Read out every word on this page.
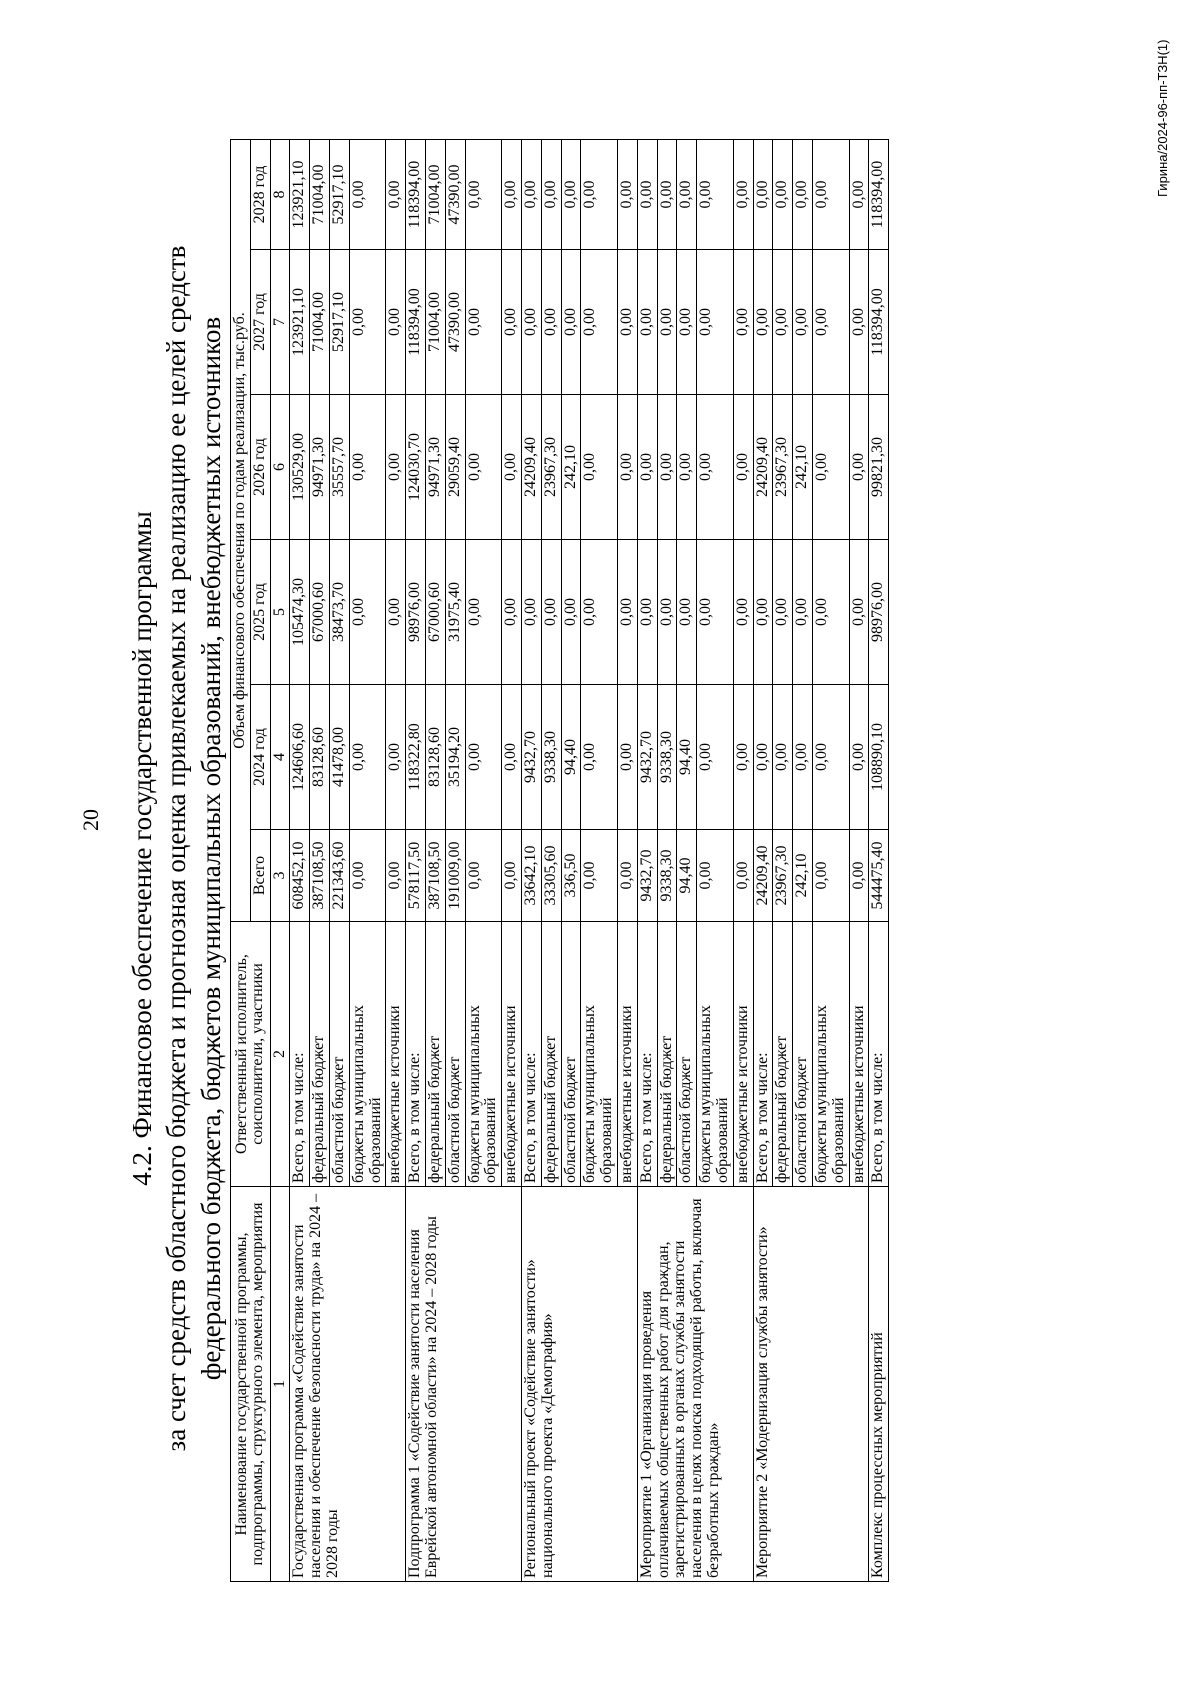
20 4.2. Финансовое обеспечение государственной программы за счет средств областного бюджета и прогнозная оценка привлекаемых на реализацию ее целей средств федерального бюджета, бюджетов муниципальных образований, внебюджетных источников
Наименование государственной программы, подпрограммы, структурного элемента, мероприятия	Ответственный исполнитель, соисполнители, участники	Объем финансового обеспечения по годам реализации, тыс.руб.					
		Всего	2024 год	2025 год	2026 год	2027 год	2028 год
1	2	3	4	5	6	7	8
Государственная программа «Содействие занятости населения и обеспечение безопасности труда» на 2024 – 2028 годы	Всего, в том числе:	608452,10	124606,60	105474,30	130529,00	123921,10	123921,10
	федеральный бюджет	387108,50	83128,60	67000,60	94971,30	71004,00	71004,00
	областной бюджет	221343,60	41478,00	38473,70	35557,70	52917,10	52917,10
	бюджеты муниципальных образований	0,00	0,00	0,00	0,00	0,00	0,00
	внебюджетные источники	0,00	0,00	0,00	0,00	0,00	0,00
Подпрограмма 1 «Содействие занятости населения Еврейской автономной области» на 2024 – 2028 годы	Всего, в том числе:	578117,50	118322,80	98976,00	124030,70	118394,00	118394,00
	федеральный бюджет	387108,50	83128,60	67000,60	94971,30	71004,00	71004,00
	областной бюджет	191009,00	35194,20	31975,40	29059,40	47390,00	47390,00
	бюджеты муниципальных образований	0,00	0,00	0,00	0,00	0,00	0,00
	внебюджетные источники	0,00	0,00	0,00	0,00	0,00	0,00
Региональный проект «Содействие занятости» национального проекта «Демография»	Всего, в том числе:	33642,10	9432,70	0,00	24209,40	0,00	0,00
	федеральный бюджет	33305,60	9338,30	0,00	23967,30	0,00	0,00
	областной бюджет	336,50	94,40	0,00	242,10	0,00	0,00
	бюджеты муниципальных образований	0,00	0,00	0,00	0,00	0,00	0,00
	внебюджетные источники	0,00	0,00	0,00	0,00	0,00	0,00
Мероприятие 1 «Организация проведения оплачиваемых общественных работ для граждан, зарегистрированных в органах службы занятости населения в целях поиска подходящей работы, включая безработных граждан»	Всего, в том числе:	9432,70	9432,70	0,00	0,00	0,00	0,00
	федеральный бюджет	9338,30	9338,30	0,00	0,00	0,00	0,00
	областной бюджет	94,40	94,40	0,00	0,00	0,00	0,00
	бюджеты муниципальных образований	0,00	0,00	0,00	0,00	0,00	0,00
	внебюджетные источники	0,00	0,00	0,00	0,00	0,00	0,00
Мероприятие 2 «Модернизация службы занятости»	Всего, в том числе:	24209,40	0,00	0,00	24209,40	0,00	0,00
	федеральный бюджет	23967,30	0,00	0,00	23967,30	0,00	0,00
	областной бюджет	242,10	0,00	0,00	242,10	0,00	0,00
	бюджеты муниципальных образований	0,00	0,00	0,00	0,00	0,00	0,00
	внебюджетные источники	0,00	0,00	0,00	0,00	0,00	0,00
Комплекс процессных мероприятий	Всего, в том числе:	544475,40	108890,10	98976,00	99821,30	118394,00	118394,00	Гирина/2024-96-пп-ТЗН(1)
